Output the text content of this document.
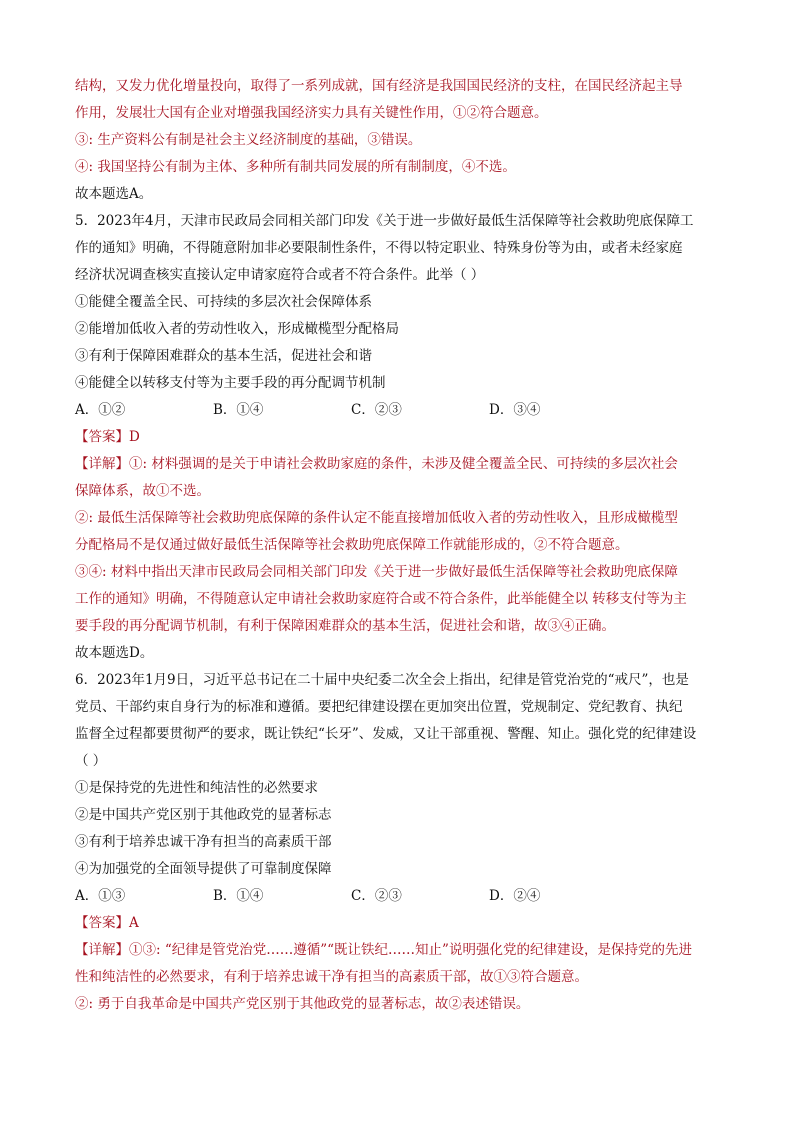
结构，又发力优化增量投向，取得了一系列成就，国有经济是我国国民经济的支柱，在国民经济起主导
作用，发展壮大国有企业对增强我国经济实力具有关键性作用，①②符合题意。
③: 生产资料公有制是社会主义经济制度的基础，③错误。
④: 我国坚持公有制为主体、多种所有制共同发展的所有制制度，④不选。
故本题选A。
5．2023年4月，天津市民政局会同相关部门印发《关于进一步做好最低生活保障等社会救助兜底保障工
作的通知》明确，不得随意附加非必要限制性条件，不得以特定职业、特殊身份等为由，或者未经家庭
经济状况调查核实直接认定申请家庭符合或者不符合条件。此举（ ）
①能健全覆盖全民、可持续的多层次社会保障体系
②能增加低收入者的劳动性收入，形成橄榄型分配格局
③有利于保障困难群众的基本生活，促进社会和谐
④能健全以转移支付等为主要手段的再分配调节机制
A．①②	B．①④	C．②③	D．③④
【答案】D
【详解】①: 材料强调的是关于申请社会救助家庭的条件，未涉及健全覆盖全民、可持续的多层次社会
保障体系，故①不选。
②: 最低生活保障等社会救助兜底保障的条件认定不能直接增加低收入者的劳动性收入，且形成橄榄型
分配格局不是仅通过做好最低生活保障等社会救助兜底保障工作就能形成的，②不符合题意。
③④: 材料中指出天津市民政局会同相关部门印发《关于进一步做好最低生活保障等社会救助兜底保障
工作的通知》明确，不得随意认定申请社会救助家庭符合或不符合条件，此举能健全以 转移支付等为主
要手段的再分配调节机制，有利于保障困难群众的基本生活，促进社会和谐，故③④正确。
故本题选D。
6．2023年1月9日，习近平总书记在二十届中央纪委二次全会上指出，纪律是管党治党的“戒尺”，也是
党员、干部约束自身行为的标准和遵循。要把纪律建设摆在更加突出位置，党规制定、党纪教育、执纪
监督全过程都要贯彻严的要求，既让铁纪“长牙”、发威，又让干部重视、警醒、知止。强化党的纪律建设
（ ）
①是保持党的先进性和纯洁性的必然要求
②是中国共产党区别于其他政党的显著标志
③有利于培养忠诚干净有担当的高素质干部
④为加强党的全面领导提供了可靠制度保障
A．①③	B．①④	C．②③	D．②④
【答案】A
【详解】①③: “纪律是管党治党……遵循”“既让铁纪……知止”说明强化党的纪律建设，是保持党的先进
性和纯洁性的必然要求，有利于培养忠诚干净有担当的高素质干部，故①③符合题意。
②: 勇于自我革命是中国共产党区别于其他政党的显著标志，故②表述错误。
